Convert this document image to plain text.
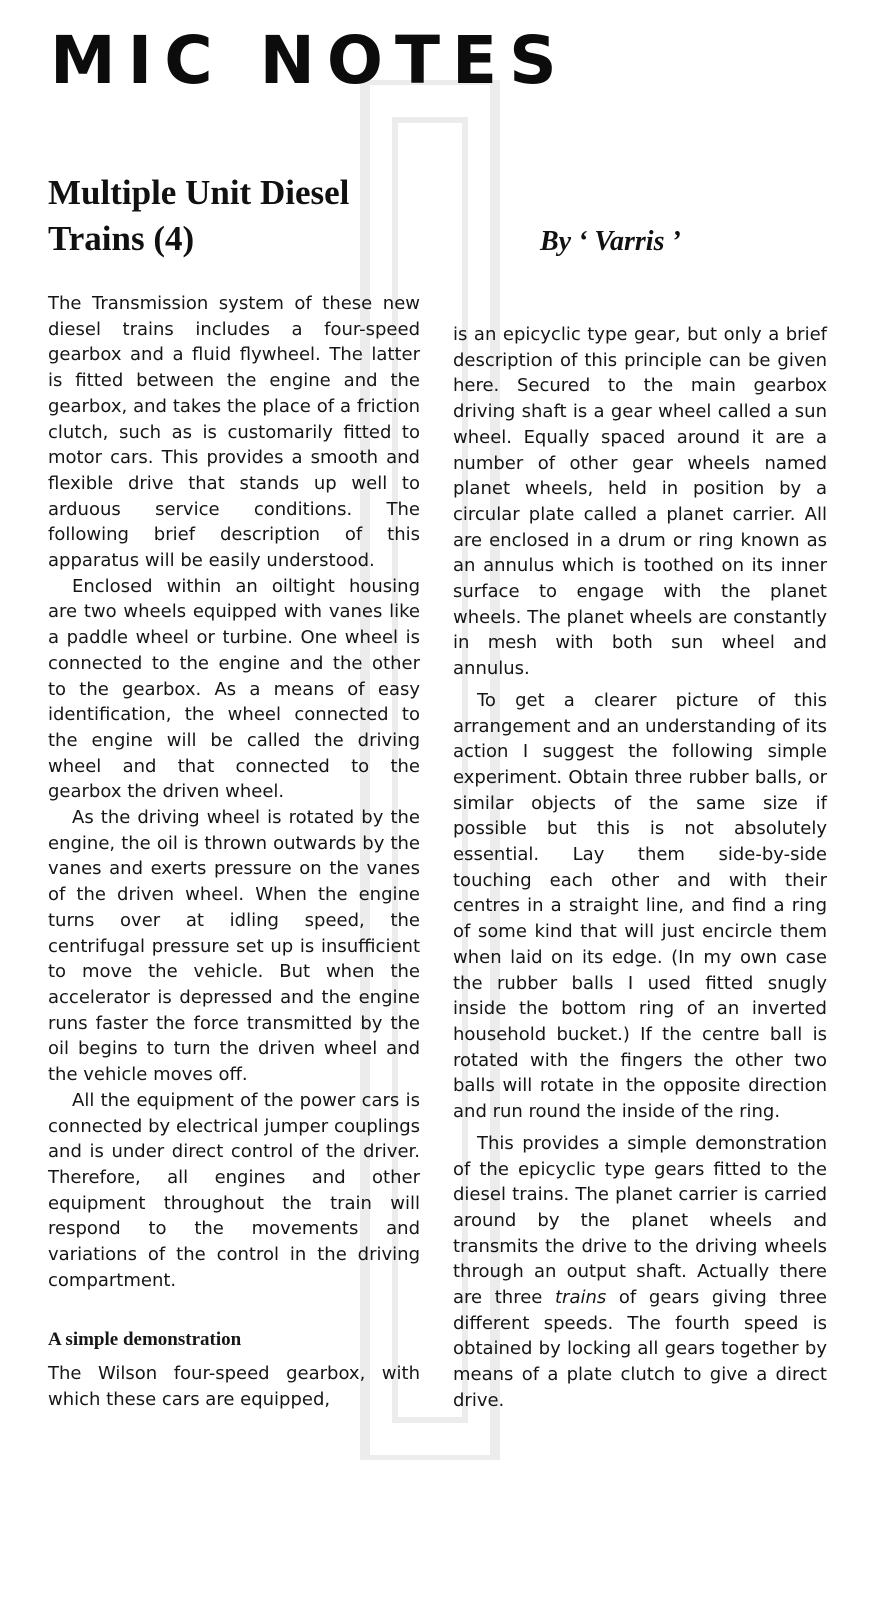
MIC NOTES
Multiple Unit Diesel Trains (4)	By ‘ Varris ’

The Transmission system of these new diesel trains includes a four-speed gearbox and a fluid flywheel. The latter is fitted between the engine and the gearbox, and takes the place of a friction clutch, such as is customarily fitted to motor cars. This provides a smooth and flexible drive that stands up well to arduous service conditions. The following brief description of this apparatus will be easily understood.

Enclosed within an oiltight housing are two wheels equipped with vanes like a paddle wheel or turbine. One wheel is connected to the engine and the other to the gearbox. As a means of easy identification, the wheel connected to the engine will be called the driving wheel and that connected to the gearbox the driven wheel.

As the driving wheel is rotated by the engine, the oil is thrown outwards by the vanes and exerts pressure on the vanes of the driven wheel. When the engine turns over at idling speed, the centrifugal pressure set up is insufficient to move the vehicle. But when the accelerator is depressed and the engine runs faster the force transmitted by the oil begins to turn the driven wheel and the vehicle moves off.

All the equipment of the power cars is connected by electrical jumper couplings and is under direct control of the driver. Therefore, all engines and other equipment throughout the train will respond to the movements and variations of the control in the driving compartment.

A simple demonstration

The Wilson four-speed gearbox, with which these cars are equipped,

is an epicyclic type gear, but only a brief description of this principle can be given here. Secured to the main gearbox driving shaft is a gear wheel called a sun wheel. Equally spaced around it are a number of other gear wheels named planet wheels, held in position by a circular plate called a planet carrier. All are enclosed in a drum or ring known as an annulus which is toothed on its inner surface to engage with the planet wheels. The planet wheels are constantly in mesh with both sun wheel and annulus.

To get a clearer picture of this arrangement and an understanding of its action I suggest the following simple experiment. Obtain three rubber balls, or similar objects of the same size if possible but this is not absolutely essential. Lay them side-by-side touching each other and with their centres in a straight line, and find a ring of some kind that will just encircle them when laid on its edge. (In my own case the rubber balls I used fitted snugly inside the bottom ring of an inverted household bucket.) If the centre ball is rotated with the fingers the other two balls will rotate in the opposite direction and run round the inside of the ring.

This provides a simple demonstration of the epicyclic type gears fitted to the diesel trains. The planet carrier is carried around by the planet wheels and transmits the drive to the driving wheels through an output shaft. Actually there are three trains of gears giving three different speeds. The fourth speed is obtained by locking all gears together by means of a plate clutch to give a direct drive.
